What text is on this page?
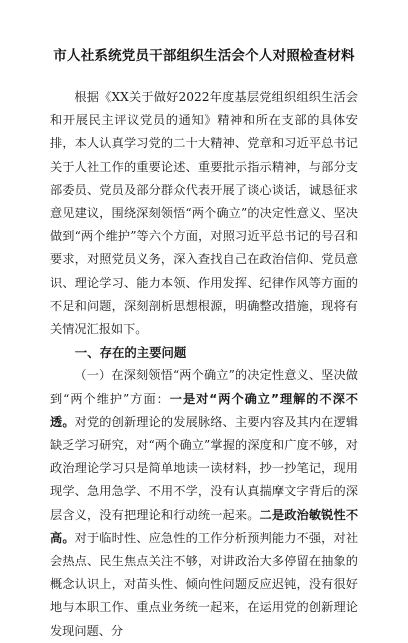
市人社系统党员干部组织生活会个人对照检查材料

根据《XX关于做好2022年度基层党组织组织生活会和开展民主评议党员的通知》精神和所在支部的具体安排，本人认真学习党的二十大精神、党章和习近平总书记关于人社工作的重要论述、重要批示指示精神，与部分支部委员、党员及部分群众代表开展了谈心谈话，诚恳征求意见建议，围绕深刻领悟“两个确立”的决定性意义、坚决做到“两个维护”等六个方面，对照习近平总书记的号召和要求，对照党员义务，深入查找自己在政治信仰、党员意识、理论学习、能力本领、作用发挥、纪律作风等方面的不足和问题，深刻剖析思想根源，明确整改措施，现将有关情况汇报如下。

一、存在的主要问题

（一）在深刻领悟“两个确立”的决定性意义、坚决做到“两个维护”方面：一是对“两个确立”理解的不深不透。对党的创新理论的发展脉络、主要内容及其内在逻辑缺乏学习研究，对“两个确立”掌握的深度和广度不够，对政治理论学习只是简单地读一读材料，抄一抄笔记，现用现学、急用急学、不用不学，没有认真揣摩文字背后的深层含义，没有把理论和行动统一起来。二是政治敏锐性不高。对于临时性、应急性的工作分析预判能力不强，对社会热点、民生焦点关注不够，对讲政治大多停留在抽象的概念认识上，对苗头性、倾向性问题反应迟钝，没有很好地与本职工作、重点业务统一起来，在运用党的创新理论发现问题、分
